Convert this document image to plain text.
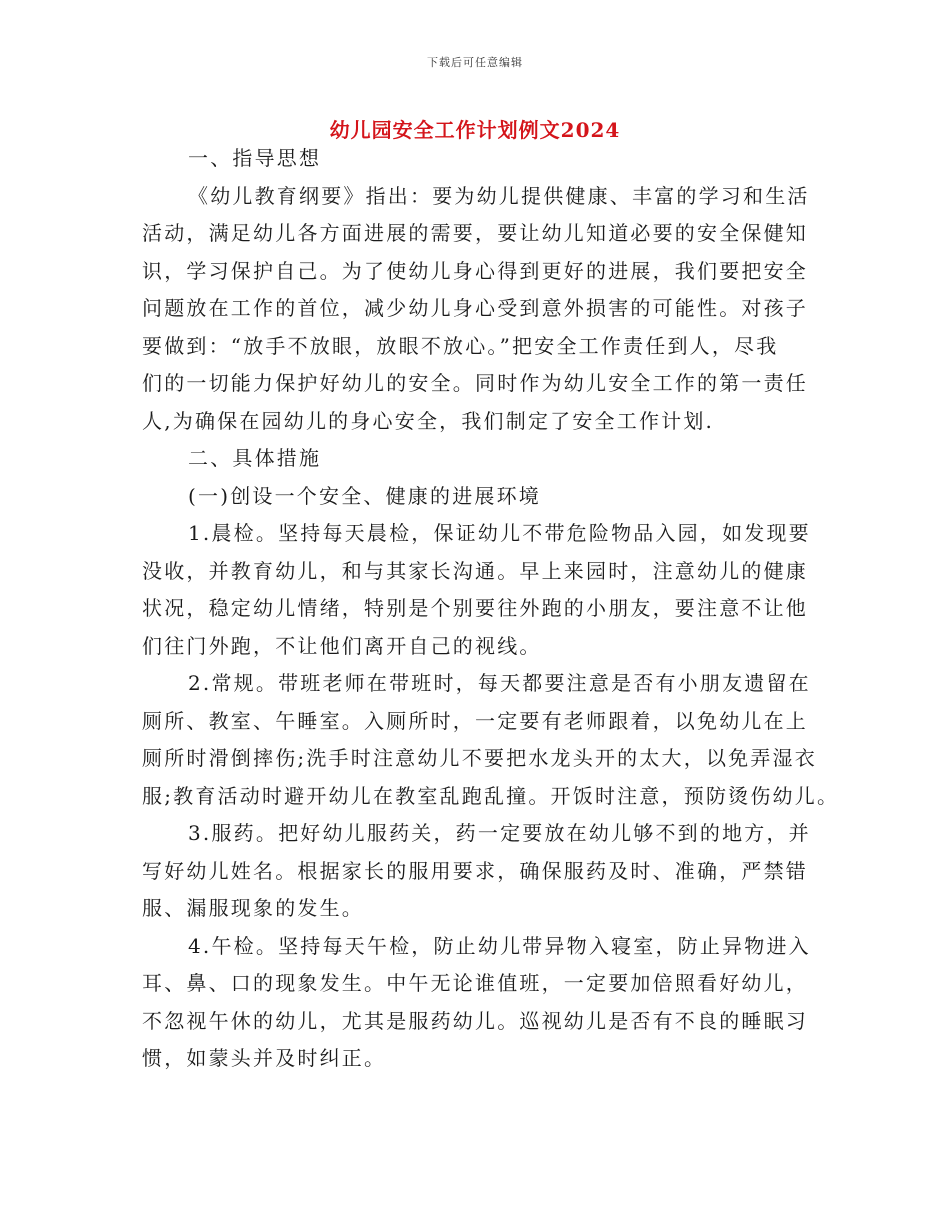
下载后可任意编辑
幼儿园安全工作计划例文2024
一、指导思想
《幼儿教育纲要》指出：要为幼儿提供健康、丰富的学习和生活
活动，满足幼儿各方面进展的需要，要让幼儿知道必要的安全保健知
识，学习保护自己。为了使幼儿身心得到更好的进展，我们要把安全
问题放在工作的首位，减少幼儿身心受到意外损害的可能性。对孩子
要做到：“放手不放眼，放眼不放心。”把安全工作责任到人，尽我
们的一切能力保护好幼儿的安全。同时作为幼儿安全工作的第一责任
人,为确保在园幼儿的身心安全，我们制定了安全工作计划.
二、具体措施
(一)创设一个安全、健康的进展环境
1.晨检。坚持每天晨检，保证幼儿不带危险物品入园，如发现要
没收，并教育幼儿，和与其家长沟通。早上来园时，注意幼儿的健康
状况，稳定幼儿情绪，特别是个别要往外跑的小朋友，要注意不让他
们往门外跑，不让他们离开自己的视线。
2.常规。带班老师在带班时，每天都要注意是否有小朋友遗留在
厕所、教室、午睡室。入厕所时，一定要有老师跟着，以免幼儿在上
厕所时滑倒摔伤;洗手时注意幼儿不要把水龙头开的太大，以免弄湿衣
服;教育活动时避开幼儿在教室乱跑乱撞。开饭时注意，预防烫伤幼儿。
3.服药。把好幼儿服药关，药一定要放在幼儿够不到的地方，并
写好幼儿姓名。根据家长的服用要求，确保服药及时、准确，严禁错
服、漏服现象的发生。
4.午检。坚持每天午检，防止幼儿带异物入寝室，防止异物进入
耳、鼻、口的现象发生。中午无论谁值班，一定要加倍照看好幼儿，
不忽视午休的幼儿，尤其是服药幼儿。巡视幼儿是否有不良的睡眠习
惯，如蒙头并及时纠正。
